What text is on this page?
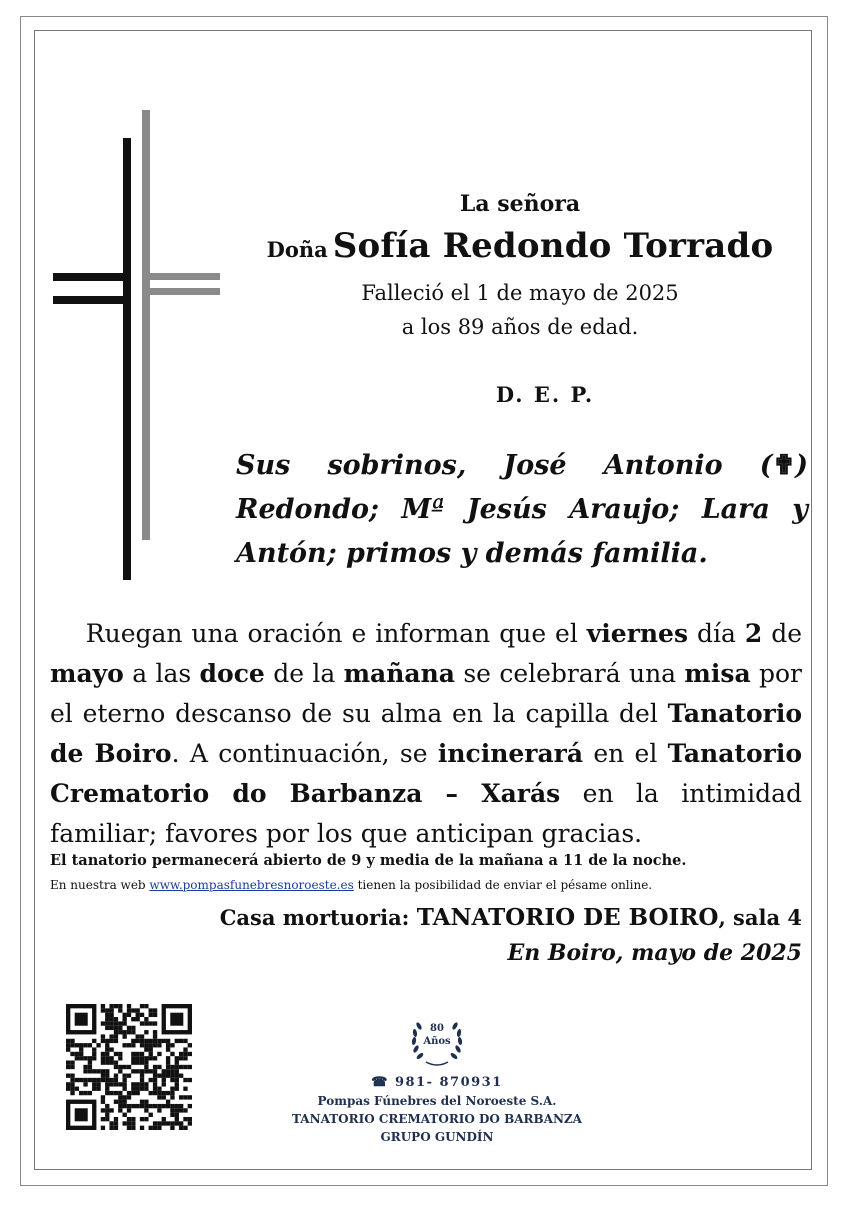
La señora

Doña Sofía Redondo Torrado

Falleció el 1 de mayo de 2025

a los 89 años de edad.

D. E. P.
Sus sobrinos, José Antonio (✟) Redondo; Mª Jesús Araujo; Lara y Antón; primos y demás familia.

Ruegan una oración e informan que el viernes día 2 de mayo a las doce de la mañana se celebrará una misa por el eterno descanso de su alma en la capilla del Tanatorio de Boiro. A continuación, se incinerará en el Tanatorio Crematorio do Barbanza – Xarás en la intimidad familiar; favores por los que anticipan gracias.

El tanatorio permanecerá abierto de 9 y media de la mañana a 11 de la noche.
En nuestra web www.pompasfunebresnoroeste.es tienen la posibilidad de enviar el pésame online.
Casa mortuoria: TANATORIO DE BOIRO, sala 4
En Boiro, mayo de 2025
80
Años
☎ 981- 870931

Pompas Fúnebres del Noroeste S.A.

TANATORIO CREMATORIO DO BARBANZA

GRUPO GUNDÍN
